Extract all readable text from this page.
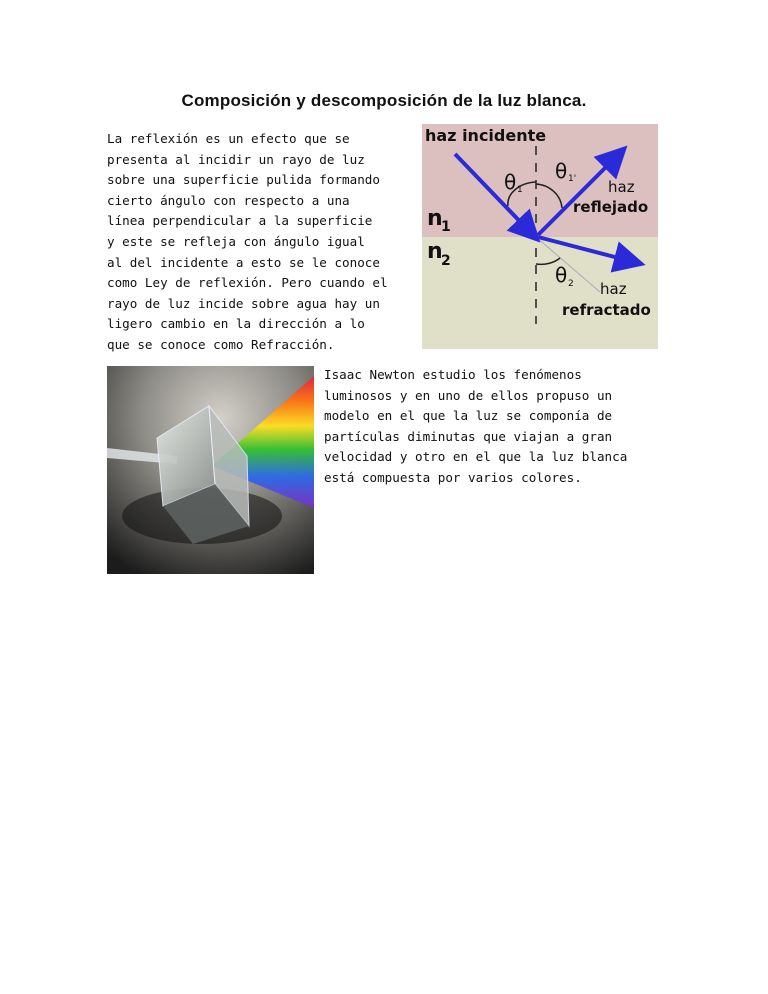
Composición y descomposición de la luz blanca.
La reflexión es un efecto que se
presenta al incidir un rayo de luz
sobre una superficie pulida formando
cierto ángulo con respecto a una
línea perpendicular a la superficie
y este se refleja con ángulo igual
al del incidente a esto se le conoce
como Ley de reflexión. Pero cuando el
rayo de luz incide sobre agua hay un
ligero cambio en la dirección a lo
que se conoce como Refracción.
haz incidente
haz
reflejado
haz
refractado
n
1
n
2
θ 1
θ 1'
θ 2
Isaac Newton estudio los fenómenos
luminosos y en uno de ellos propuso un
modelo en el que la luz se componía de
partículas diminutas que viajan a gran
velocidad y otro en el que la luz blanca
está compuesta por varios colores.
